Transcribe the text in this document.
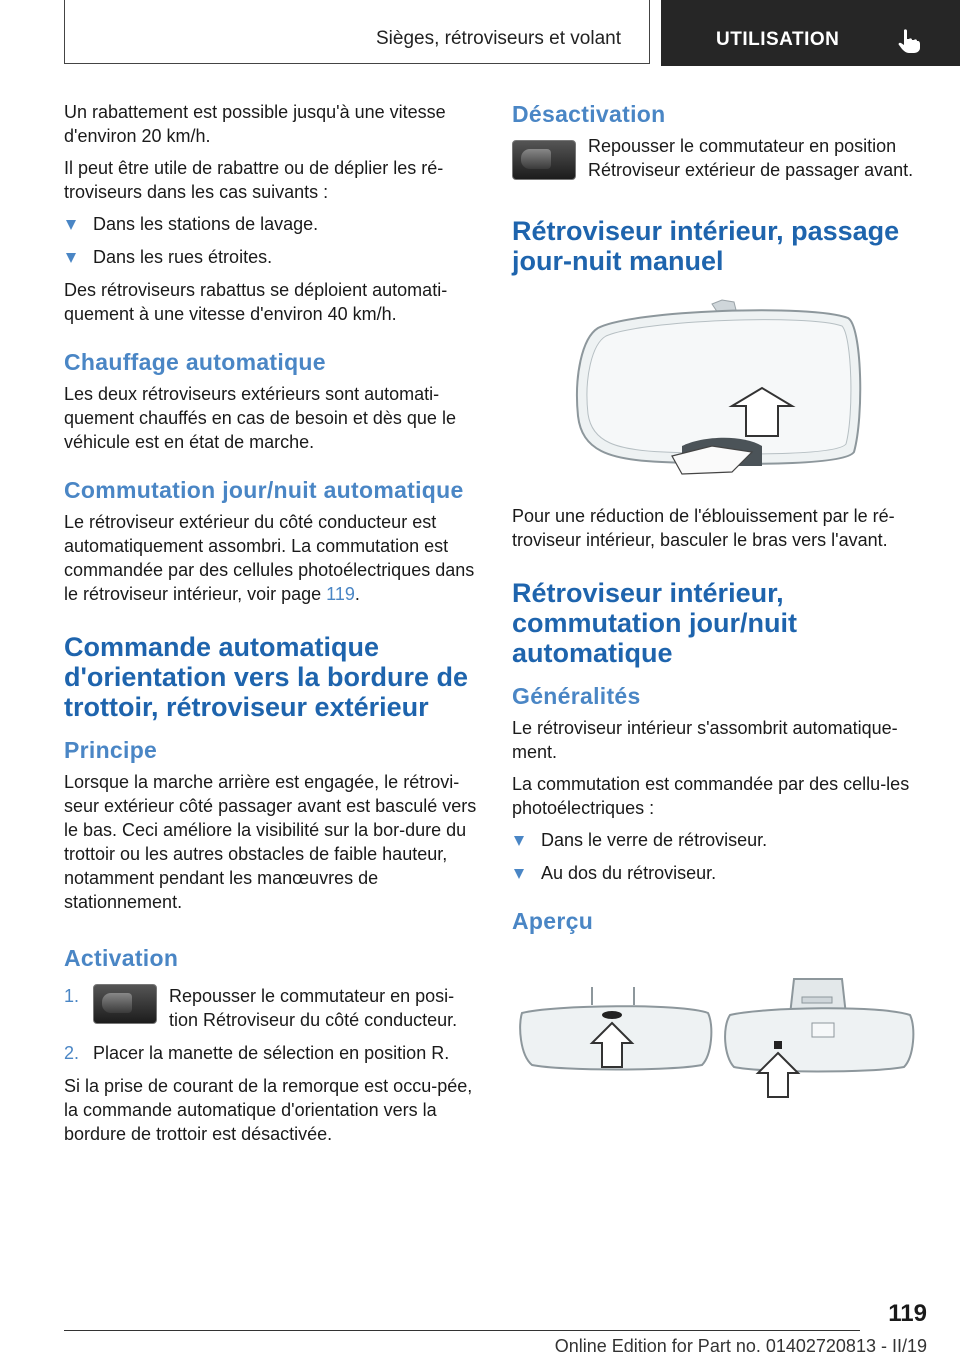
Sièges, rétroviseurs et volant	UTILISATION

Un rabattement est possible jusqu'à une vitesse d'environ 20 km/h.

Il peut être utile de rabattre ou de déplier les ré‐troviseurs dans les cas suivants :

Dans les stations de lavage.
Dans les rues étroites.

Des rétroviseurs rabattus se déploient automati‐quement à une vitesse d'environ 40 km/h.

Chauffage automatique

Les deux rétroviseurs extérieurs sont automati‐quement chauffés en cas de besoin et dès que le véhicule est en état de marche.

Commutation jour/nuit automatique

Le rétroviseur extérieur du côté conducteur est automatiquement assombri. La commutation est commandée par des cellules photoélectriques dans le rétroviseur intérieur, voir page 119.

Commande automatique d'orientation vers la bordure de trottoir, rétroviseur extérieur
Principe

Lorsque la marche arrière est engagée, le rétrovi‐seur extérieur côté passager avant est basculé vers le bas. Ceci améliore la visibilité sur la bor‐dure du trottoir ou les autres obstacles de faible hauteur, notamment pendant les manœuvres de stationnement.

Activation
1.	Repousser le commutateur en posi‐tion Rétroviseur du côté conducteur.
2. Placer la manette de sélection en position R.

Si la prise de courant de la remorque est occu‐pée, la commande automatique d'orientation vers la bordure de trottoir est désactivée.

Désactivation

Repousser le commutateur en position Rétroviseur extérieur de passager avant.

Rétroviseur intérieur, passage jour-nuit manuel

Pour une réduction de l'éblouissement par le ré‐troviseur intérieur, basculer le bras vers l'avant.

Rétroviseur intérieur, commutation jour/nuit automatique
Généralités

Le rétroviseur intérieur s'assombrit automatique‐ment.

La commutation est commandée par des cellu‐les photoélectriques :

Dans le verre de rétroviseur.
Au dos du rétroviseur.
Aperçu
119
Online Edition for Part no. 01402720813 - II/19
